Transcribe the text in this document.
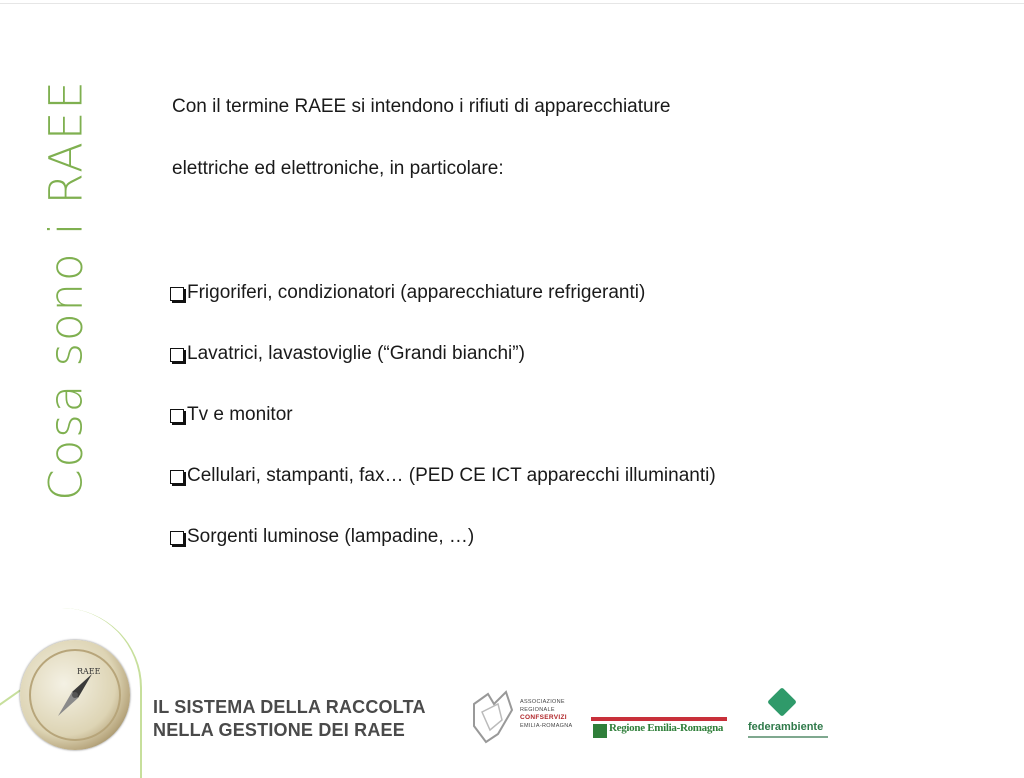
Cosa sono i RAEE	Con il termine RAEE si intendono i rifiuti di apparecchiature

elettriche ed elettroniche, in particolare:

Frigoriferi, condizionatori (apparecchiature refrigeranti)
Lavatrici, lavastoviglie (“Grandi bianchi”)
Tv e monitor
Cellulari, stampanti, fax… (PED CE ICT apparecchi illuminanti)
Sorgenti luminose (lampadine, …)
RAEE
IL SISTEMA DELLA RACCOLTA
NELLA GESTIONE DEI RAEE
ASSOCIAZIONE
REGIONALE
CONFSERVIZI
EMILIA-ROMAGNA	Regione Emilia-Romagna federambiente
